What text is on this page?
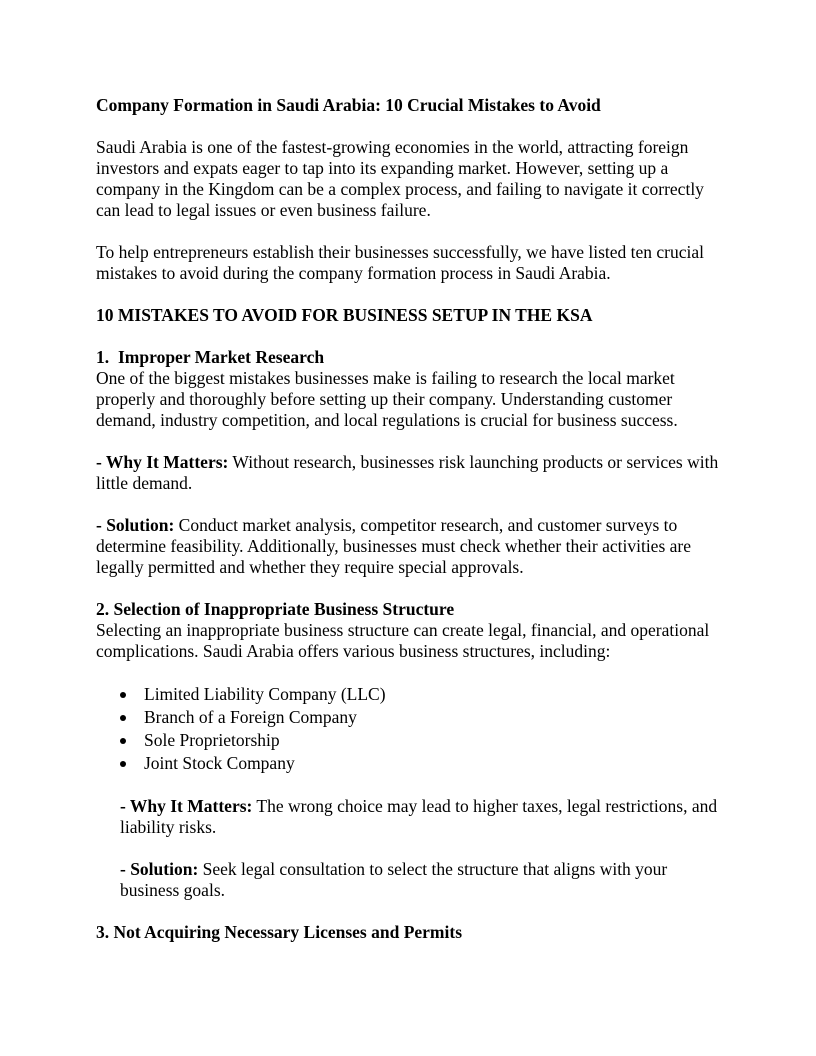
Company Formation in Saudi Arabia: 10 Crucial Mistakes to Avoid

Saudi Arabia is one of the fastest-growing economies in the world, attracting foreign investors and expats eager to tap into its expanding market. However, setting up a company in the Kingdom can be a complex process, and failing to navigate it correctly can lead to legal issues or even business failure.

To help entrepreneurs establish their businesses successfully, we have listed ten crucial mistakes to avoid during the company formation process in Saudi Arabia.

10 MISTAKES TO AVOID FOR BUSINESS SETUP IN THE KSA

1. Improper Market Research

One of the biggest mistakes businesses make is failing to research the local market properly and thoroughly before setting up their company. Understanding customer demand, industry competition, and local regulations is crucial for business success.

- Why It Matters: Without research, businesses risk launching products or services with little demand.

- Solution: Conduct market analysis, competitor research, and customer surveys to determine feasibility. Additionally, businesses must check whether their activities are legally permitted and whether they require special approvals.

2. Selection of Inappropriate Business Structure

Selecting an inappropriate business structure can create legal, financial, and operational complications. Saudi Arabia offers various business structures, including:

Limited Liability Company (LLC)
Branch of a Foreign Company
Sole Proprietorship
Joint Stock Company

- Why It Matters: The wrong choice may lead to higher taxes, legal restrictions, and liability risks.

- Solution: Seek legal consultation to select the structure that aligns with your business goals.

3. Not Acquiring Necessary Licenses and Permits
